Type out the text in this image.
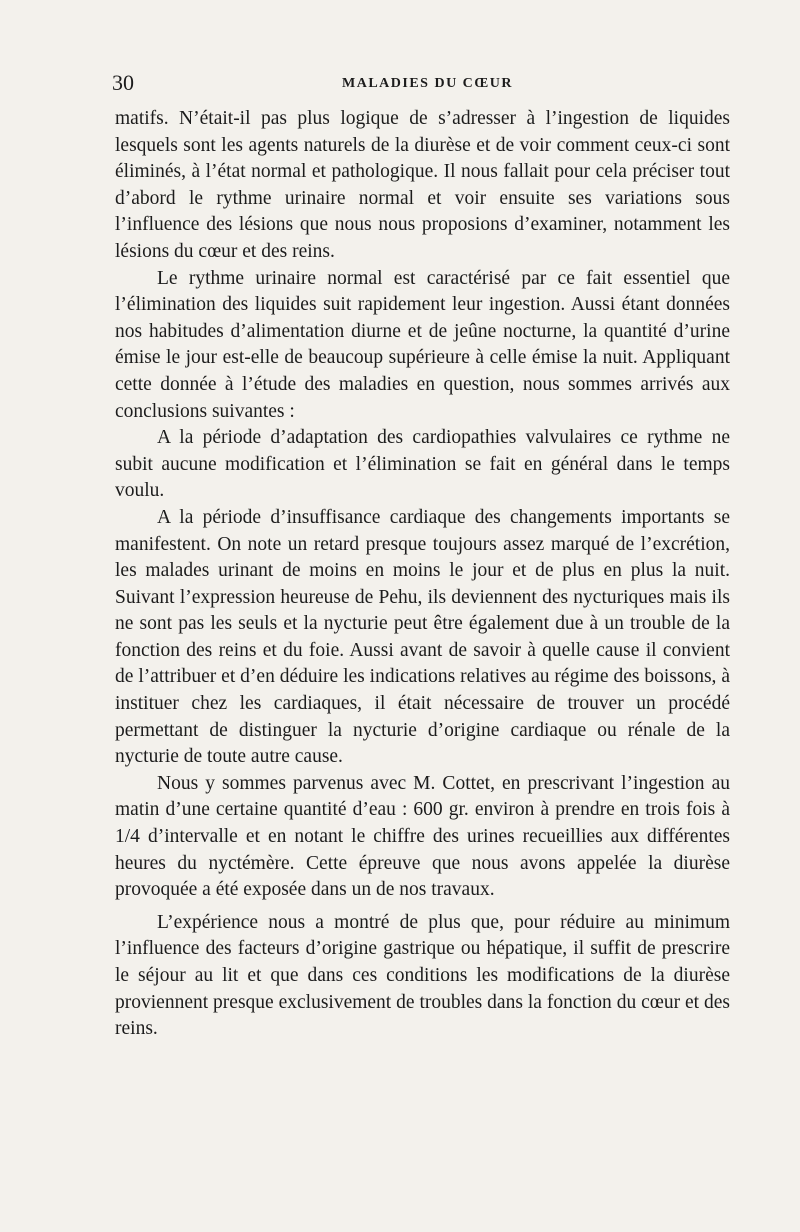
30	MALADIES DU CŒUR

matifs. N’était-il pas plus logique de s’adresser à l’ingestion de liquides lesquels sont les agents naturels de la diurèse et de voir comment ceux-ci sont éliminés, à l’état normal et pathologique. Il nous fallait pour cela préciser tout d’abord le rythme urinaire normal et voir ensuite ses variations sous l’influence des lésions que nous nous proposions d’examiner, notamment les lésions du cœur et des reins.

Le rythme urinaire normal est caractérisé par ce fait essentiel que l’élimination des liquides suit rapidement leur ingestion. Aussi étant données nos habitudes d’alimentation diurne et de jeûne nocturne, la quantité d’urine émise le jour est-elle de beaucoup supérieure à celle émise la nuit. Appliquant cette donnée à l’étude des maladies en question, nous sommes arrivés aux conclusions suivantes :

A la période d’adaptation des cardiopathies valvulaires ce rythme ne subit aucune modification et l’élimination se fait en général dans le temps voulu.

A la période d’insuffisance cardiaque des changements importants se manifestent. On note un retard presque toujours assez marqué de l’excrétion, les malades urinant de moins en moins le jour et de plus en plus la nuit. Suivant l’expression heureuse de Pehu, ils deviennent des nycturiques mais ils ne sont pas les seuls et la nycturie peut être également due à un trouble de la fonction des reins et du foie. Aussi avant de savoir à quelle cause il convient de l’attribuer et d’en déduire les indications relatives au régime des boissons, à instituer chez les cardiaques, il était nécessaire de trouver un procédé permettant de distinguer la nycturie d’origine cardiaque ou rénale de la nycturie de toute autre cause.

Nous y sommes parvenus avec M. Cottet, en prescrivant l’ingestion au matin d’une certaine quantité d’eau : 600 gr. environ à prendre en trois fois à 1/4 d’intervalle et en notant le chiffre des urines recueillies aux différentes heures du nyctémère. Cette épreuve que nous avons appelée la diurèse provoquée a été exposée dans un de nos travaux.

L’expérience nous a montré de plus que, pour réduire au minimum l’influence des facteurs d’origine gastrique ou hépatique, il suffit de prescrire le séjour au lit et que dans ces conditions les modifications de la diurèse proviennent presque exclusivement de troubles dans la fonction du cœur et des reins.
